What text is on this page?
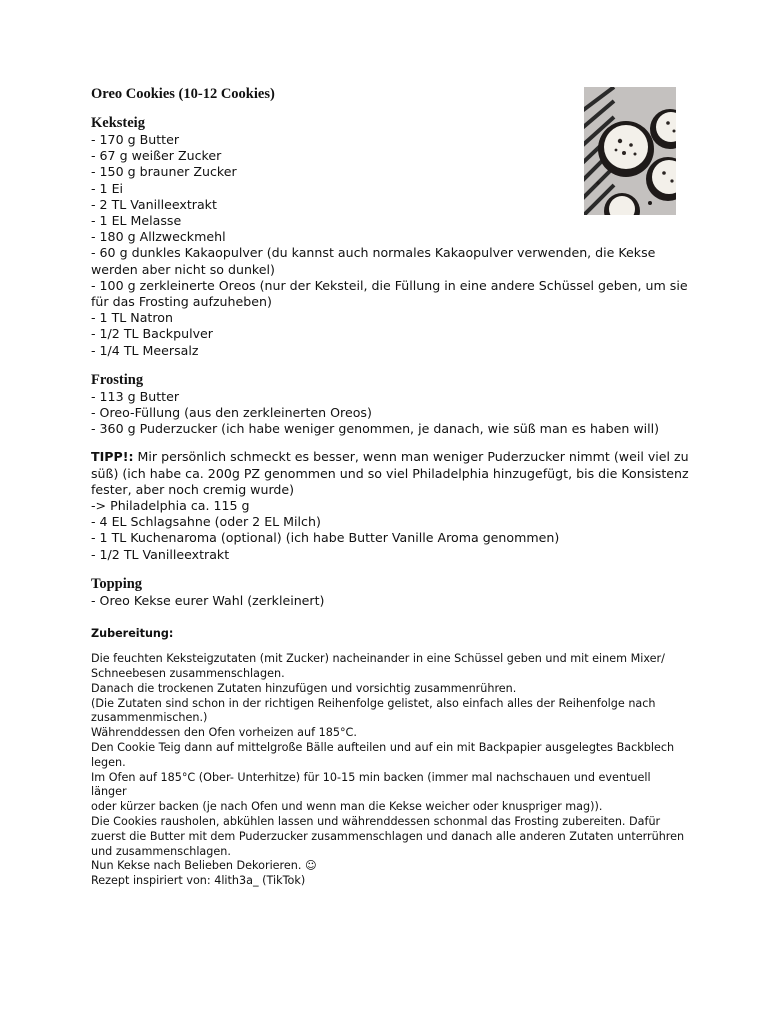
Oreo Cookies (10-12 Cookies)

Keksteig

- 170 g Butter

- 67 g weißer Zucker

- 150 g brauner Zucker

- 1 Ei

- 2 TL Vanilleextrakt

- 1 EL Melasse

- 180 g Allzweckmehl

- 60 g dunkles Kakaopulver (du kannst auch normales Kakaopulver verwenden, die Kekse

werden aber nicht so dunkel)

- 100 g zerkleinerte Oreos (nur der Keksteil, die Füllung in eine andere Schüssel geben, um sie

für das Frosting aufzuheben)

- 1 TL Natron

- 1/2 TL Backpulver

- 1/4 TL Meersalz

Frosting

- 113 g Butter

- Oreo-Füllung (aus den zerkleinerten Oreos)

- 360 g Puderzucker (ich habe weniger genommen, je danach, wie süß man es haben will)

TIPP!: Mir persönlich schmeckt es besser, wenn man weniger Puderzucker nimmt (weil viel zu

süß) (ich habe ca. 200g PZ genommen und so viel Philadelphia hinzugefügt, bis die Konsistenz

fester, aber noch cremig wurde)

-> Philadelphia ca. 115 g

- 4 EL Schlagsahne (oder 2 EL Milch)

- 1 TL Kuchenaroma (optional) (ich habe Butter Vanille Aroma genommen)

- 1/2 TL Vanilleextrakt

Topping

- Oreo Kekse eurer Wahl (zerkleinert)

Zubereitung:

Die feuchten Keksteigzutaten (mit Zucker) nacheinander in eine Schüssel geben und mit einem Mixer/

Schneebesen zusammenschlagen.

Danach die trockenen Zutaten hinzufügen und vorsichtig zusammenrühren.

(Die Zutaten sind schon in der richtigen Reihenfolge gelistet, also einfach alles der Reihenfolge nach

zusammenmischen.)

Währenddessen den Ofen vorheizen auf 185°C.

Den Cookie Teig dann auf mittelgroße Bälle aufteilen und auf ein mit Backpapier ausgelegtes Backblech

legen.

Im Ofen auf 185°C (Ober- Unterhitze) für 10-15 min backen (immer mal nachschauen und eventuell

länger

oder kürzer backen (je nach Ofen und wenn man die Kekse weicher oder knuspriger mag)).

Die Cookies rausholen, abkühlen lassen und währenddessen schonmal das Frosting zubereiten. Dafür

zuerst die Butter mit dem Puderzucker zusammenschlagen und danach alle anderen Zutaten unterrühren

und zusammenschlagen.

Nun Kekse nach Belieben Dekorieren. ☺

Rezept inspiriert von: 4lith3a_ (TikTok)
